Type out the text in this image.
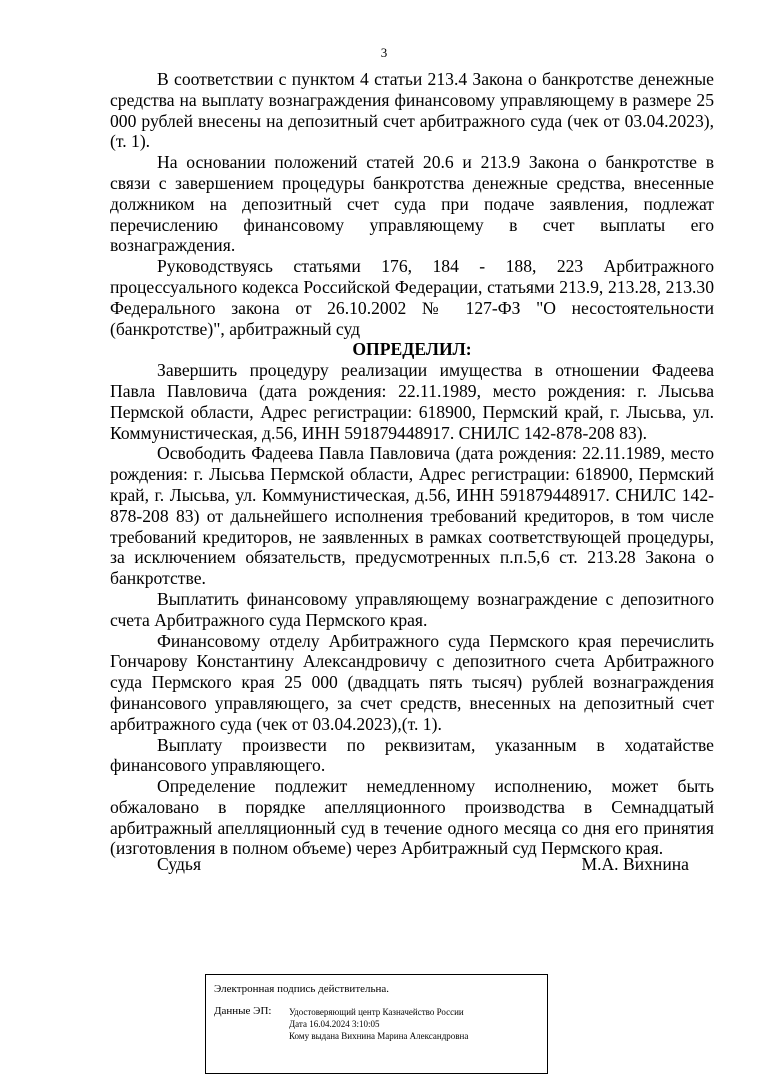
3

В соответствии с пунктом 4 статьи 213.4 Закона о банкротстве денежные средства на выплату вознаграждения финансовому управляющему в размере 25 000 рублей внесены на депозитный счет арбитражного суда (чек от 03.04.2023),(т. 1).

На основании положений статей 20.6 и 213.9 Закона о банкротстве в связи с завершением процедуры банкротства денежные средства, внесенные должником на депозитный счет суда при подаче заявления, подлежат перечислению финансовому управляющему в счет выплаты его вознаграждения.

Руководствуясь статьями 176, 184 - 188, 223 Арбитражного процессуального кодекса Российской Федерации, статьями 213.9, 213.28, 213.30 Федерального закона от 26.10.2002 № 127-ФЗ "О несостоятельности (банкротстве)", арбитражный суд

ОПРЕДЕЛИЛ:

Завершить процедуру реализации имущества в отношении Фадеева Павла Павловича (дата рождения: 22.11.1989, место рождения: г. Лысьва Пермской области, Адрес регистрации: 618900, Пермский край, г. Лысьва, ул. Коммунистическая, д.56, ИНН 591879448917. СНИЛС 142-878-208 83).

Освободить Фадеева Павла Павловича (дата рождения: 22.11.1989, место рождения: г. Лысьва Пермской области, Адрес регистрации: 618900, Пермский край, г. Лысьва, ул. Коммунистическая, д.56, ИНН 591879448917. СНИЛС 142-878-208 83) от дальнейшего исполнения требований кредиторов, в том числе требований кредиторов, не заявленных в рамках соответствующей процедуры, за исключением обязательств, предусмотренных п.п.5,6 ст. 213.28 Закона о банкротстве.

Выплатить финансовому управляющему вознаграждение с депозитного счета Арбитражного суда Пермского края.

Финансовому отделу Арбитражного суда Пермского края перечислить Гончарову Константину Александровичу с депозитного счета Арбитражного суда Пермского края 25 000 (двадцать пять тысяч) рублей вознаграждения финансового управляющего, за счет средств, внесенных на депозитный счет арбитражного суда (чек от 03.04.2023),(т. 1).

Выплату произвести по реквизитам, указанным в ходатайстве финансового управляющего.

Определение подлежит немедленному исполнению, может быть обжаловано в порядке апелляционного производства в Семнадцатый арбитражный апелляционный суд в течение одного месяца со дня его принятия (изготовления в полном объеме) через Арбитражный суд Пермского края.

Судья	М.А. Вихнина
Электронная подпись действительна.
Данные ЭП: Удостоверяющий центр Казначейство России
Дата 16.04.2024 3:10:05
Кому выдана Вихнина Марина Александровна
